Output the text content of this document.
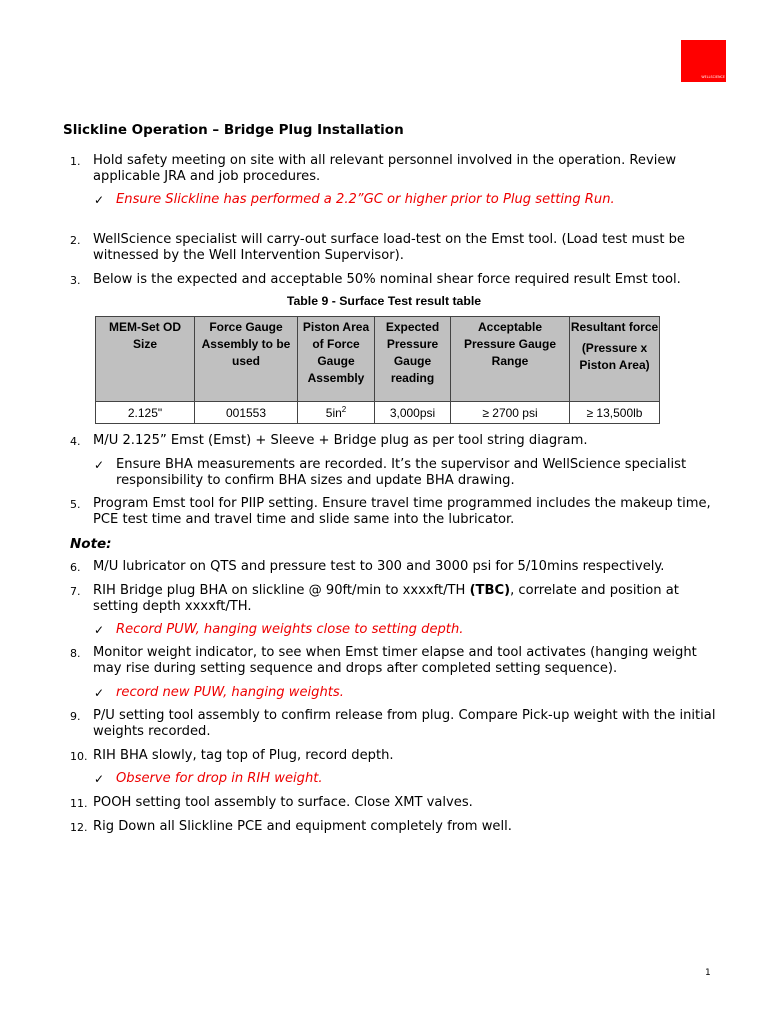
WELLSCIENCE
Slickline Operation – Bridge Plug Installation
1. Hold safety meeting on site with all relevant personnel involved in the operation. Review applicable JRA and job procedures.
✓ Ensure Slickline has performed a 2.2”GC or higher prior to Plug setting Run.
2. WellScience specialist will carry-out surface load-test on the Emst tool. (Load test must be witnessed by the Well Intervention Supervisor).
3. Below is the expected and acceptable 50% nominal shear force required result Emst tool.
Table 9 - Surface Test result table
MEM-Set OD Size	Force Gauge Assembly to be used	Piston Area of Force Gauge Assembly	Expected Pressure Gauge reading	Acceptable Pressure Gauge Range	Resultant force
(Pressure x Piston Area)

2.125"	001553	$5in^2$	3,000psi	≥ 2700 psi	≥ 13,500lb
4. M/U 2.125” Emst (Emst) + Sleeve + Bridge plug as per tool string diagram.
✓ Ensure BHA measurements are recorded. It’s the supervisor and WellScience specialist responsibility to confirm BHA sizes and update BHA drawing.
5. Program Emst tool for PIIP setting. Ensure travel time programmed includes the makeup time, PCE test time and travel time and slide same into the lubricator.
Note:
6. M/U lubricator on QTS and pressure test to 300 and 3000 psi for 5/10mins respectively.
7. RIH Bridge plug BHA on slickline @ 90ft/min to xxxxft/TH (TBC), correlate and position at setting depth xxxxft/TH.
✓ Record PUW, hanging weights close to setting depth.
8. Monitor weight indicator, to see when Emst timer elapse and tool activates (hanging weight may rise during setting sequence and drops after completed setting sequence).
✓ record new PUW, hanging weights.
9. P/U setting tool assembly to confirm release from plug. Compare Pick-up weight with the initial weights recorded.
10. RIH BHA slowly, tag top of Plug, record depth.
✓ Observe for drop in RIH weight.
11. POOH setting tool assembly to surface. Close XMT valves.
12. Rig Down all Slickline PCE and equipment completely from well.
1
